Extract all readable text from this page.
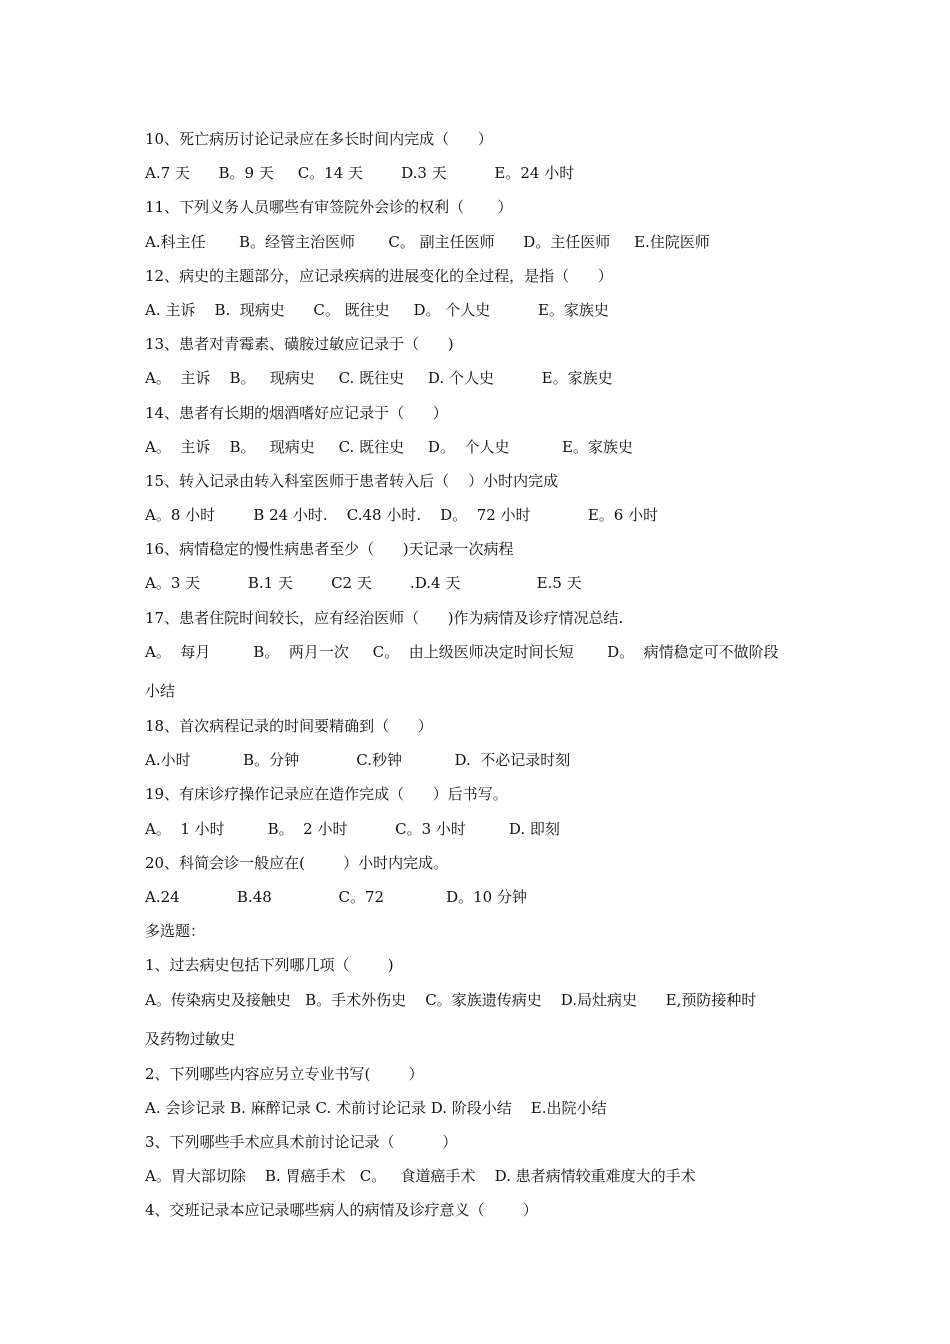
10、死亡病历讨论记录应在多长时间内完成（      ）
A.7 天      B。9 天     C。14 天        D.3 天          E。24 小时
11、下列义务人员哪些有审签院外会诊的权利（       ）
A.科主任       B。经管主治医师       C。 副主任医师      D。主任医师     E.住院医师
12、病史的主题部分，应记录疾病的进展变化的全过程，是指（      ）
A. 主诉    B.  现病史      C。 既往史     D。 个人史          E。家族史
13、患者对青霉素、磺胺过敏应记录于（      )
A。  主诉    B。   现病史     C. 既往史     D. 个人史          E。家族史
14、患者有长期的烟酒嗜好应记录于（      ）
A。  主诉    B。   现病史     C. 既往史     D。  个人史           E。家族史
15、转入记录由转入科室医师于患者转入后（    ）小时内完成
A。8 小时        B 24 小时.    C.48 小时.    D。  72 小时            E。6 小时
16、病情稳定的慢性病患者至少（      )天记录一次病程
A。3 天          B.1 天        C2 天        .D.4 天                E.5 天
17、患者住院时间较长，应有经治医师（      )作为病情及诊疗情况总结.
A。  每月         B。  两月一次     C。  由上级医师决定时间长短       D。  病情稳定可不做阶段
小结
18、首次病程记录的时间要精确到（      ）
A.小时           B。分钟            C.秒钟           D.  不必记录时刻
19、有床诊疗操作记录应在造作完成（      ）后书写。
A。  1 小时         B。  2 小时          C。3 小时         D. 即刻
20、科简会诊一般应在(        ）小时内完成。
A.24            B.48              C。72             D。10 分钟
多选题：
1、过去病史包括下列哪几项（        )
A。传染病史及接触史   B。手术外伤史    C。家族遗传病史    D.局灶病史      E,预防接种时
及药物过敏史
2、下列哪些内容应另立专业书写(        ）
A. 会诊记录 B. 麻醉记录 C. 术前讨论记录 D. 阶段小结    E.出院小结
3、下列哪些手术应具术前讨论记录（          ）
A。胃大部切除    B. 胃癌手术   C。   食道癌手术    D. 患者病情较重难度大的手术
4、交班记录本应记录哪些病人的病情及诊疗意义（        ）
